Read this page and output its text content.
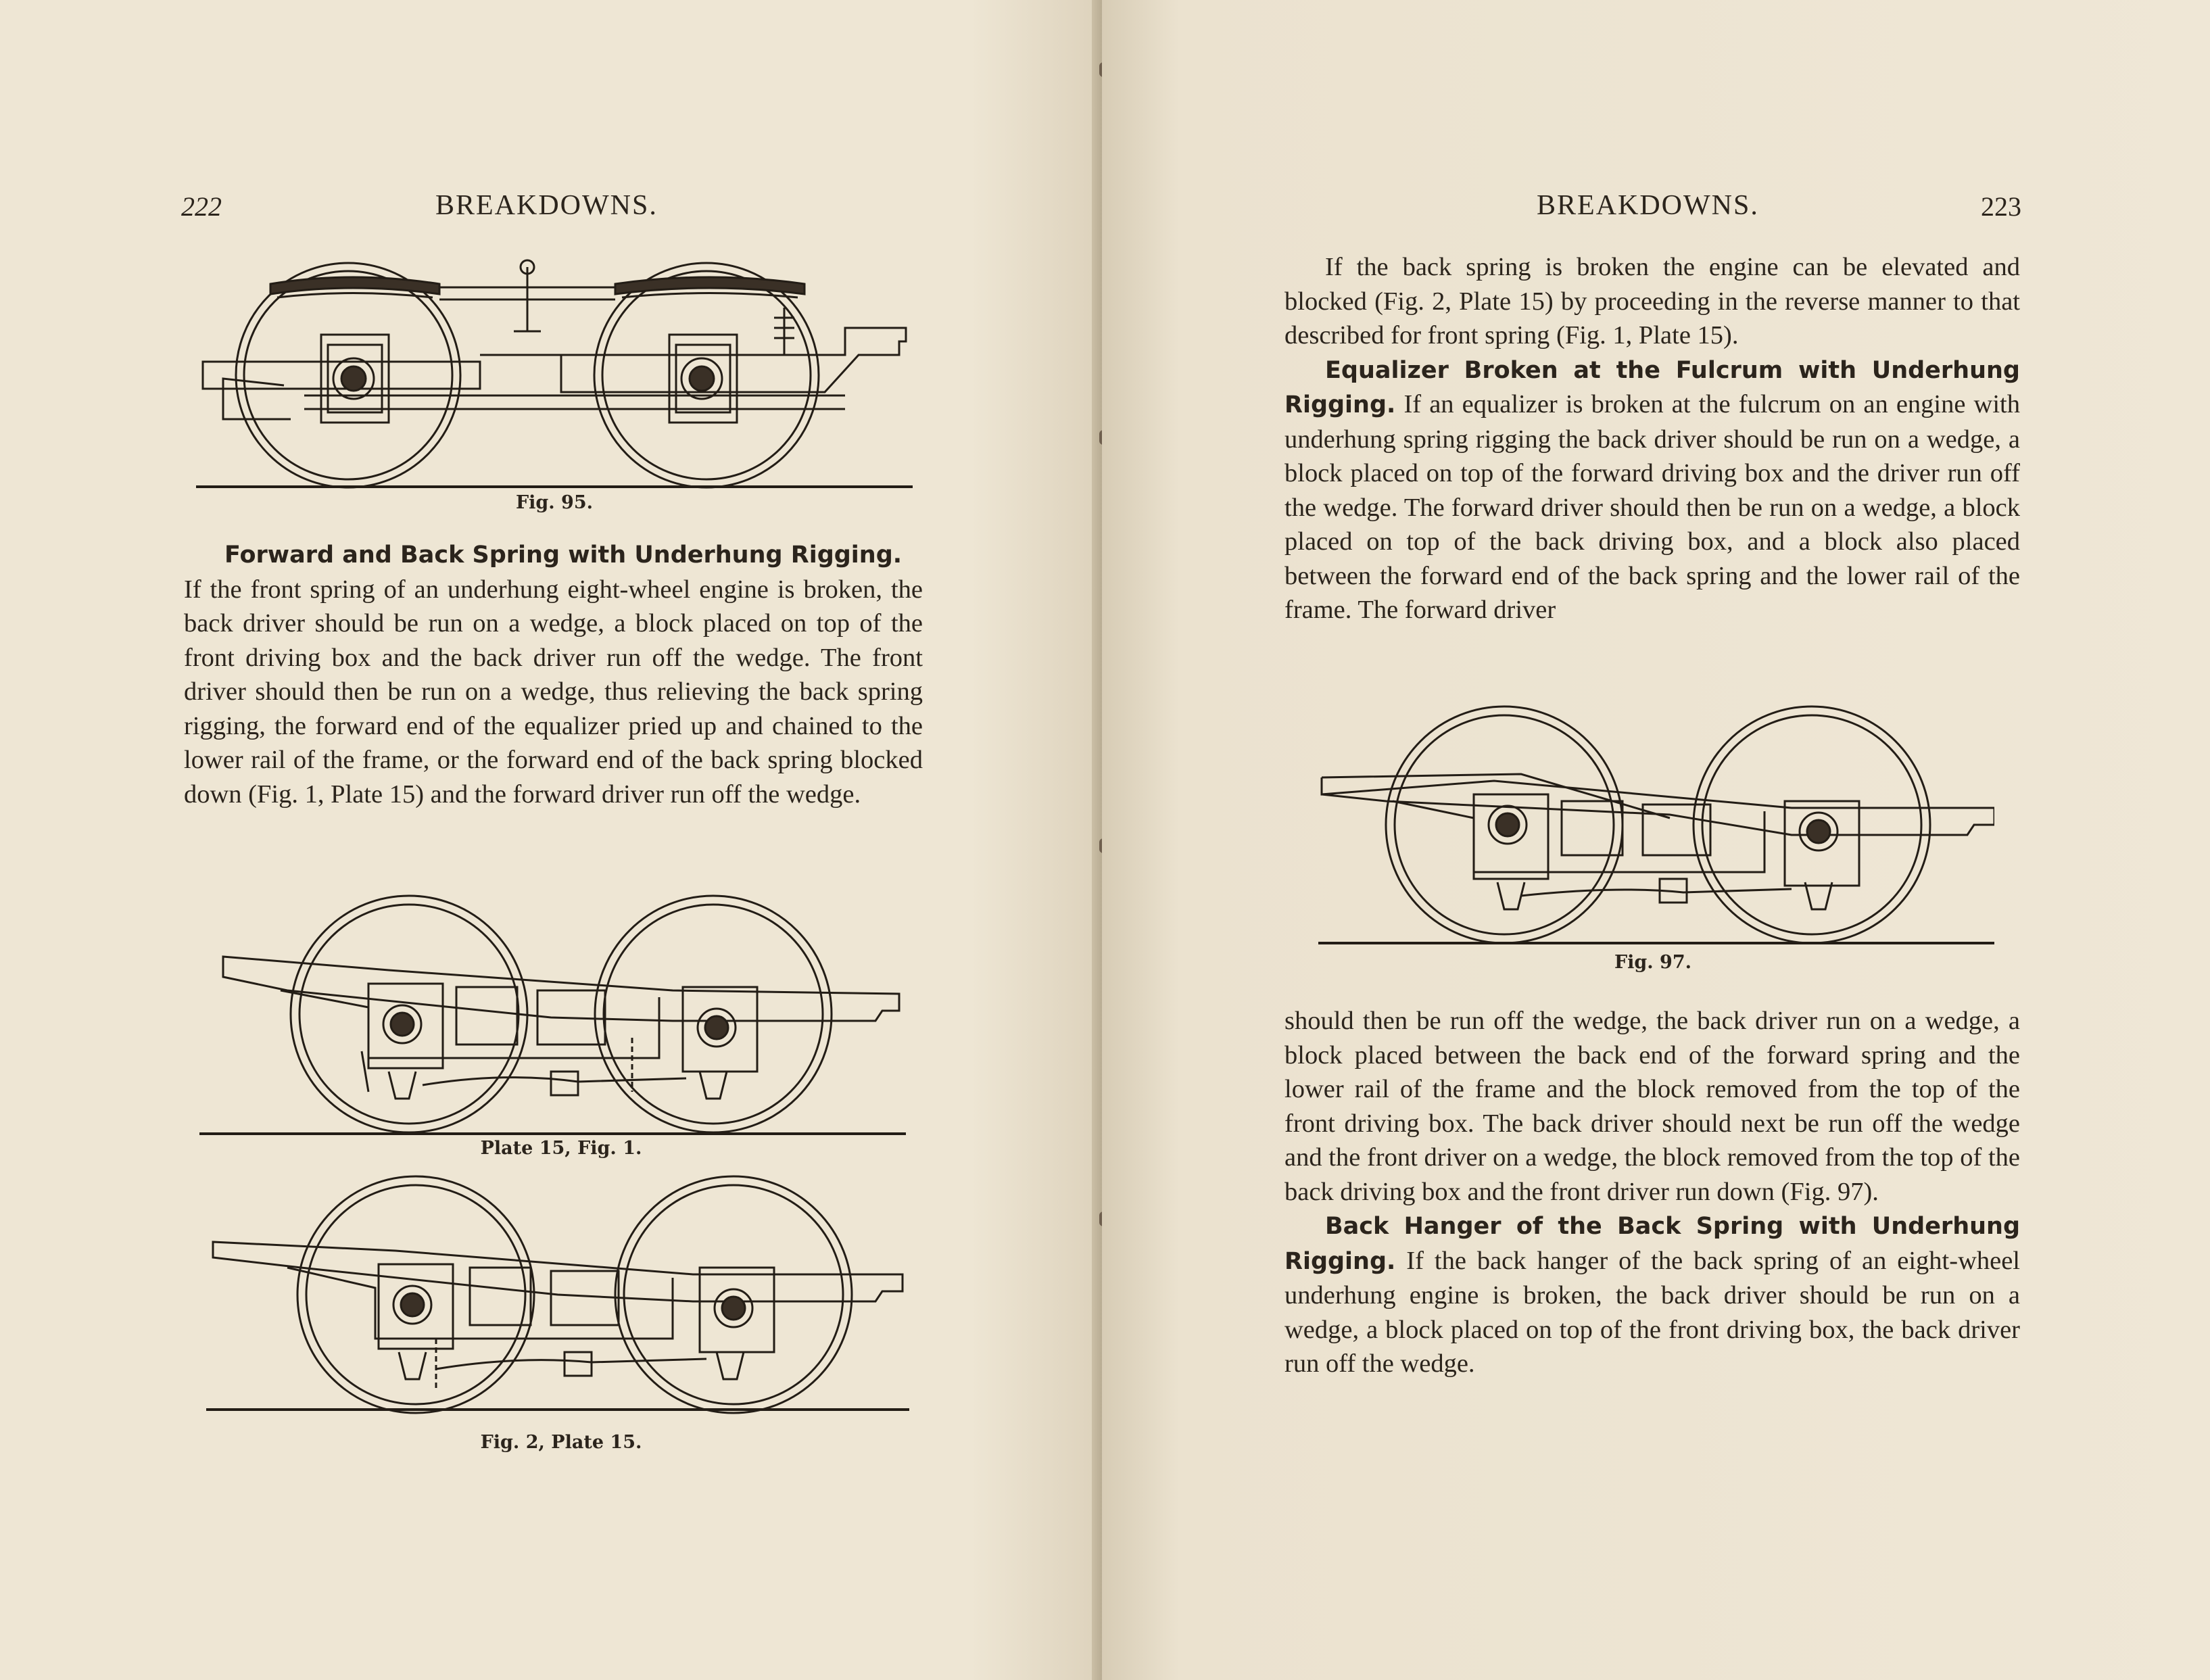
222	BREAKDOWNS.
Fig. 95.

Forward and Back Spring with Underhung Rigging.

If the front spring of an underhung eight-wheel engine is broken, the back driver should be run on a wedge, a block placed on top of the front driving box and the back driver run off the wedge. The front driver should then be run on a wedge, thus relieving the back spring rigging, the forward end of the equalizer pried up and chained to the lower rail of the frame, or the forward end of the back spring blocked down (Fig. 1, Plate 15) and the forward driver run off the wedge.

Plate 15, Fig. 1.
Fig. 2, Plate 15.
BREAKDOWNS.	223

If the back spring is broken the engine can be elevated and blocked (Fig. 2, Plate 15) by proceeding in the reverse manner to that described for front spring (Fig. 1, Plate 15).

Equalizer Broken at the Fulcrum with Underhung Rigging. If an equalizer is broken at the fulcrum on an engine with underhung spring rigging the back driver should be run on a wedge, a block placed on top of the forward driving box and the driver run off the wedge. The forward driver should then be run on a wedge, a block placed on top of the back driving box, and a block also placed between the forward end of the back spring and the lower rail of the frame. The forward driver

Fig. 97.

should then be run off the wedge, the back driver run on a wedge, a block placed between the back end of the forward spring and the lower rail of the frame and the block removed from the top of the front driving box. The back driver should next be run off the wedge and the front driver on a wedge, the block removed from the top of the back driving box and the front driver run down (Fig. 97).

Back Hanger of the Back Spring with Underhung Rigging. If the back hanger of the back spring of an eight-wheel underhung engine is broken, the back driver should be run on a wedge, a block placed on top of the front driving box, the back driver run off the wedge.
